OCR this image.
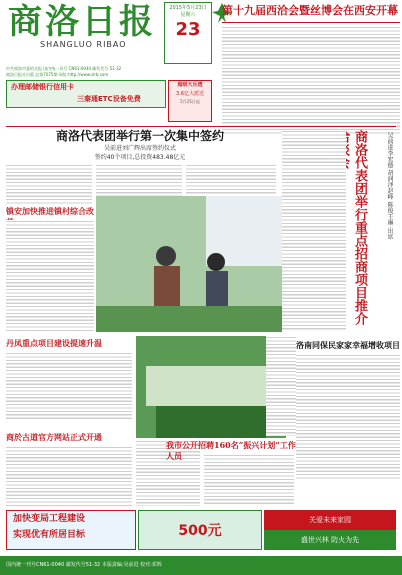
商洛日报
SHANGLUO RIBAO
2015年5月23日
星期六
23
中共商洛市委机关报 国内统一刊号 CN61-0040 邮发代号 51-32
商洛日报社出版 总第7075期 网址:http://www.slrb.com
办理邮储银行信用卡
三秦通ETC设备免费
超级大乐透
3.6亿大派送
5月25日起
第十九届西洽会暨丝博会在西安开幕
商洛代表团举行第一次集中签约
吴前进刘广辉出席签约仪式
签约40个项目,总投资483.48亿元
商洛代表团举行重点招商项目推介
吴前进李宏德 胡润泽赵峰 陈俊王琳 出席
镇安加快推进镇村综合改
丹凤重点项目建设提速升温	洛南同保民家家幸福增收项目
商於古道官方网站正式开通
我市公开招聘160名“振兴计划”工作人员
加快变局工程建设
实现优有所居目标	500元
关爱未来家园
盛世兴林 防火为先
国内统一刊号CN61-0040 邮发代号51-32 本版责编:吴前进 校对:邓辉
